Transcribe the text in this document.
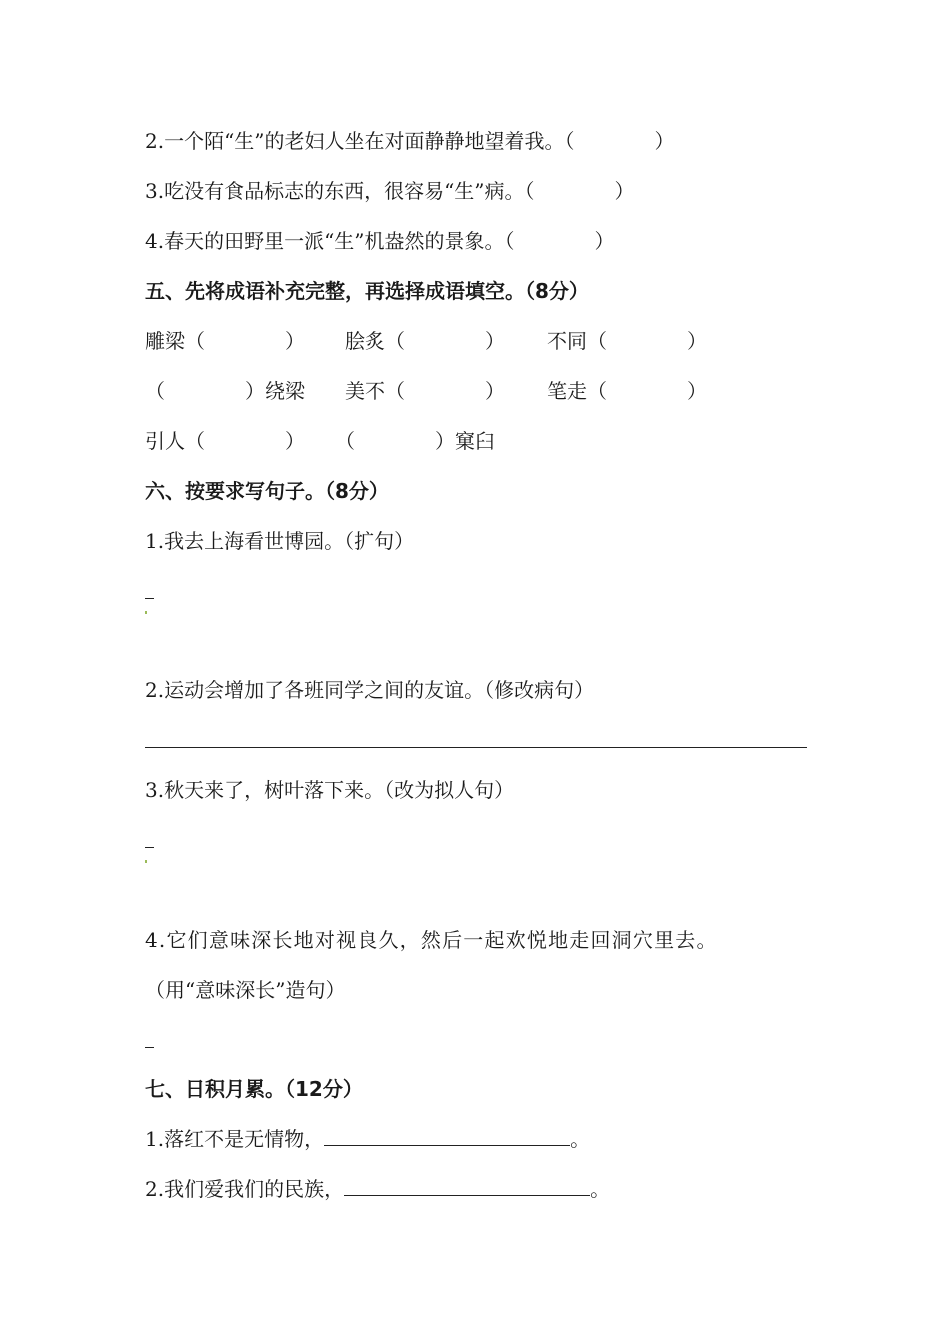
2.一个陌“生”的老妇人坐在对面静静地望着我。（　　　　）
3.吃没有食品标志的东西，很容易“生”病。（　　　　）
4.春天的田野里一派“生”机盎然的景象。（　　　　）
五、先将成语补充完整，再选择成语填空。（8分）
雕梁（　　　　） 脍炙（　　　　） 不同（　　　　）
（　　　　）绕梁 美不（　　　　） 笔走（　　　　）
引人（　　　　） （　　　　）窠臼
六、按要求写句子。（8分）
1.我去上海看世博园。（扩句）
2.运动会增加了各班同学之间的友谊。（修改病句）
3.秋天来了，树叶落下来。（改为拟人句）
4.它们意味深长地对视良久，然后一起欢悦地走回洞穴里去。
（用“意味深长”造句）
七、日积月累。（12分）
1.落红不是无情物，	。
2.我们爱我们的民族，	。
